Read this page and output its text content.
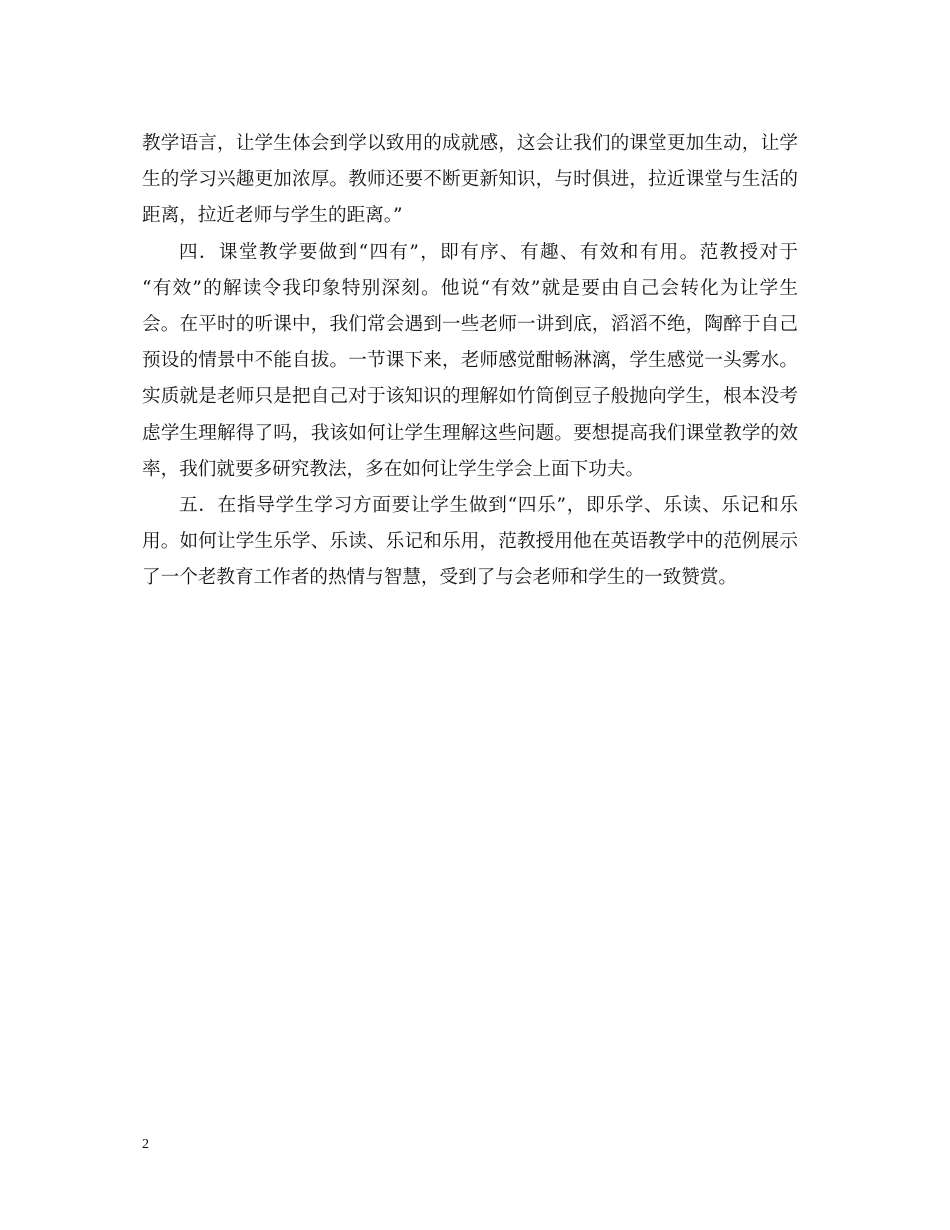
教学语言，让学生体会到学以致用的成就感，这会让我们的课堂更加生动，让学
生的学习兴趣更加浓厚。教师还要不断更新知识，与时俱进，拉近课堂与生活的
距离，拉近老师与学生的距离。”
四．课堂教学要做到“四有”，即有序、有趣、有效和有用。范教授对于
“有效”的解读令我印象特别深刻。他说“有效”就是要由自己会转化为让学生
会。在平时的听课中，我们常会遇到一些老师一讲到底，滔滔不绝，陶醉于自己
预设的情景中不能自拔。一节课下来，老师感觉酣畅淋漓，学生感觉一头雾水。
实质就是老师只是把自己对于该知识的理解如竹筒倒豆子般抛向学生，根本没考
虑学生理解得了吗，我该如何让学生理解这些问题。要想提高我们课堂教学的效
率，我们就要多研究教法，多在如何让学生学会上面下功夫。
五．在指导学生学习方面要让学生做到“四乐”，即乐学、乐读、乐记和乐
用。如何让学生乐学、乐读、乐记和乐用，范教授用他在英语教学中的范例展示
了一个老教育工作者的热情与智慧，受到了与会老师和学生的一致赞赏。
2
